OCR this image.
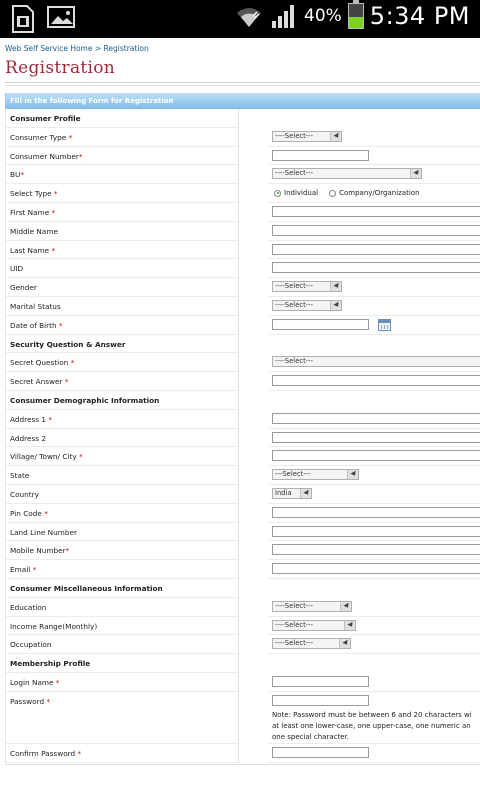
40% 5:34 PM
Web Self Service Home > Registration
Registration
Fill in the following Form for Registration
Consumer Profile
Consumer Type *	----Select---
Consumer Number*
BU*	----Select---
Select Type *	Individual	Company/Organization
First Name *
Middle Name
Last Name *
UID
Gender	----Select---
Marital Status	----Select---
Date of Birth *
Security Question & Answer
Secret Question *	----Select---
Secret Answer *
Consumer Demographic Information
Address 1 *
Address 2
Village/ Town/ City *
State	---Select---
Country	India
Pin Code *
Land Line Number
Mobile Number*
Email *
Consumer Miscellaneous Information
Education	----Select---
Income Range(Monthly)	----Select---
Occupation	----Select---
Membership Profile
Login Name *
Password *
Note: Password must be between 6 and 20 characters wi
at least one lower-case, one upper-case, one numeric an
one special character.
Confirm Password *
